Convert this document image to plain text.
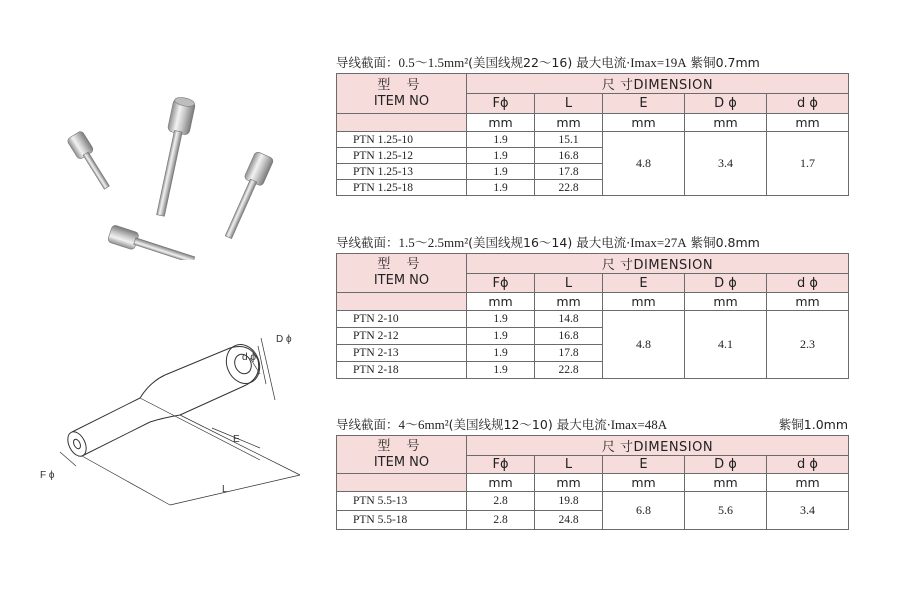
D ϕ
d ϕ
E
F ϕ
L
导线截面：0.5～1.5mm²(美国线规22～16) 最大电流·Imax=19A 紫铜0.7mm
型 号
ITEM NO	尺 寸DIMENSION				
	Fϕ	L	E	D ϕ	d ϕ
	mm	mm	mm	mm	mm
PTN 1.25-10	1.9	15.1	4.8	3.4	1.7
PTN 1.25-12	1.9	16.8			
PTN 1.25-13	1.9	17.8			
PTN 1.25-18	1.9	22.8			
导线截面：1.5～2.5mm²(美国线规16～14) 最大电流·Imax=27A 紫铜0.8mm
型 号
ITEM NO	尺 寸DIMENSION				
	Fϕ	L	E	D ϕ	d ϕ
	mm	mm	mm	mm	mm
PTN 2-10	1.9	14.8	4.8	4.1	2.3
PTN 2-12	1.9	16.8			
PTN 2-13	1.9	17.8			
PTN 2-18	1.9	22.8			
导线截面：4～6mm²(美国线规12～10) 最大电流·Imax=48A	紫铜1.0mm
型 号
ITEM NO	尺 寸DIMENSION				
	Fϕ	L	E	D ϕ	d ϕ
	mm	mm	mm	mm	mm
PTN 5.5-13	2.8	19.8	6.8	5.6	3.4
PTN 5.5-18	2.8	24.8			
